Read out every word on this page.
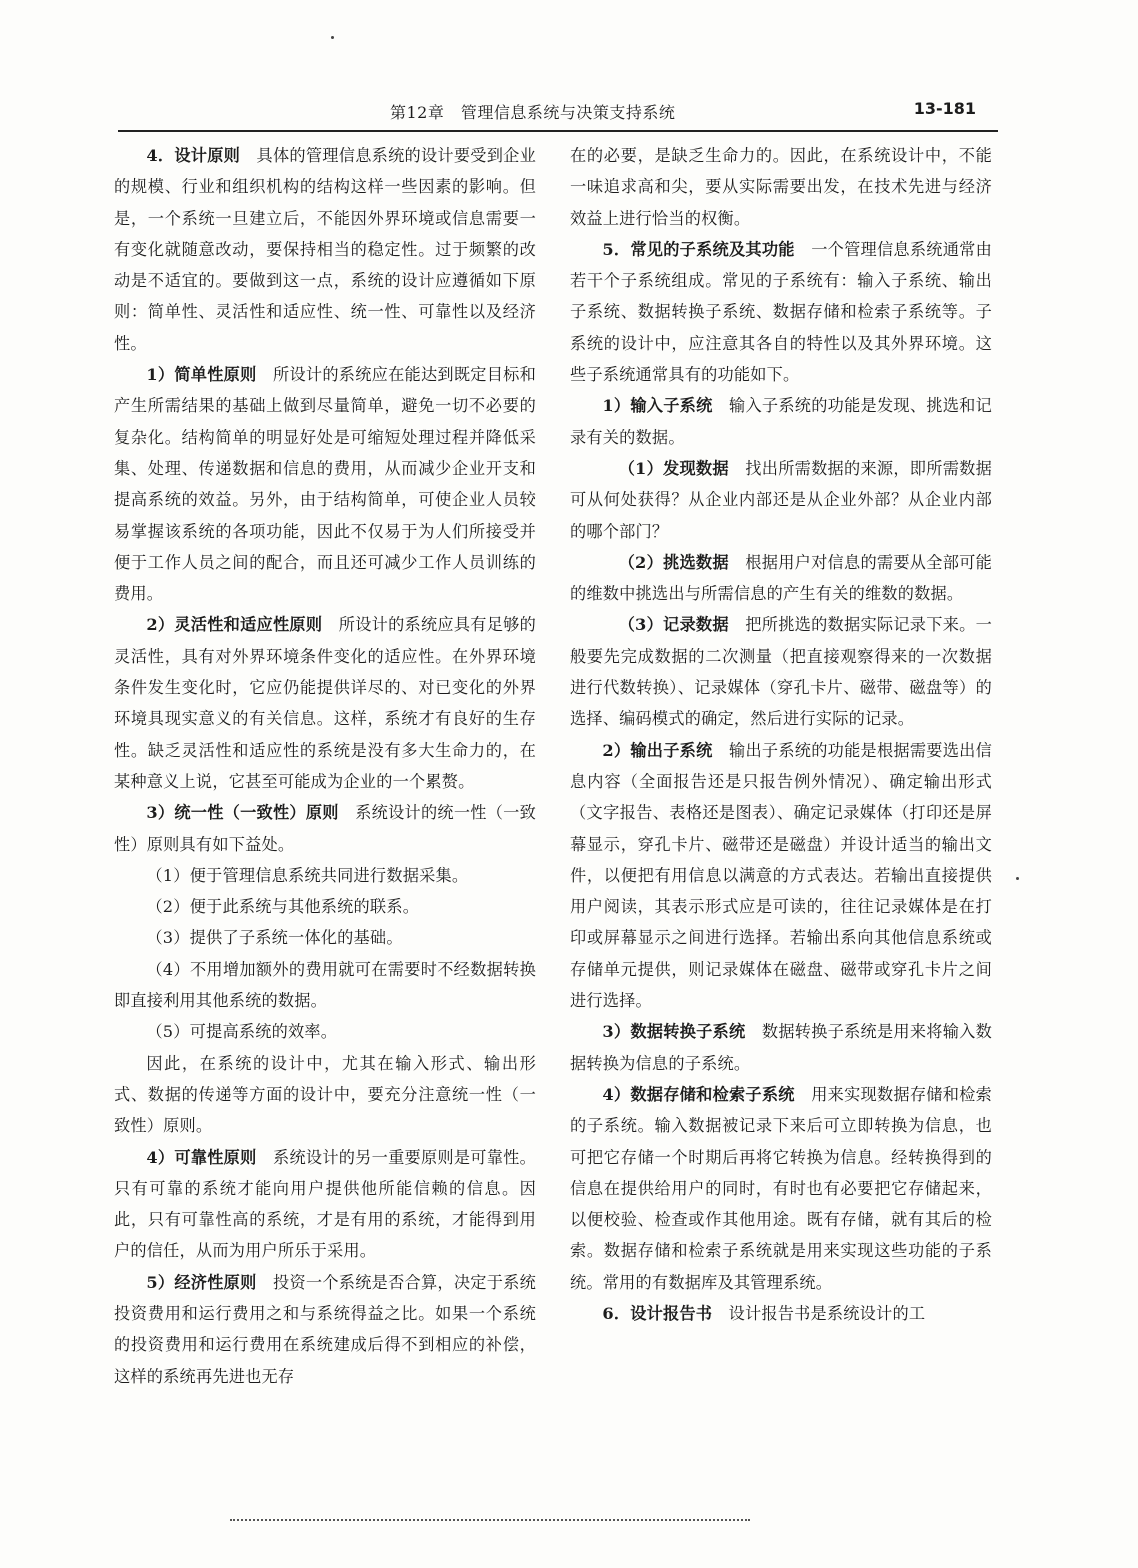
第12章　管理信息系统与决策支持系统	13-181

4．设计原则　具体的管理信息系统的设计要受到企业的规模、行业和组织机构的结构这样一些因素的影响。但是，一个系统一旦建立后，不能因外界环境或信息需要一有变化就随意改动，要保持相当的稳定性。过于频繁的改动是不适宜的。要做到这一点，系统的设计应遵循如下原则：简单性、灵活性和适应性、统一性、可靠性以及经济性。

1）简单性原则　所设计的系统应在能达到既定目标和产生所需结果的基础上做到尽量简单，避免一切不必要的复杂化。结构简单的明显好处是可缩短处理过程并降低采集、处理、传递数据和信息的费用，从而减少企业开支和提高系统的效益。另外，由于结构简单，可使企业人员较易掌握该系统的各项功能，因此不仅易于为人们所接受并便于工作人员之间的配合，而且还可减少工作人员训练的费用。

2）灵活性和适应性原则　所设计的系统应具有足够的灵活性，具有对外界环境条件变化的适应性。在外界环境条件发生变化时，它应仍能提供详尽的、对已变化的外界环境具现实意义的有关信息。这样，系统才有良好的生存性。缺乏灵活性和适应性的系统是没有多大生命力的，在某种意义上说，它甚至可能成为企业的一个累赘。

3）统一性（一致性）原则　系统设计的统一性（一致性）原则具有如下益处。

（1）便于管理信息系统共同进行数据采集。

（2）便于此系统与其他系统的联系。

（3）提供了子系统一体化的基础。

（4）不用增加额外的费用就可在需要时不经数据转换即直接利用其他系统的数据。

（5）可提高系统的效率。

因此，在系统的设计中，尤其在输入形式、输出形式、数据的传递等方面的设计中，要充分注意统一性（一致性）原则。

4）可靠性原则　系统设计的另一重要原则是可靠性。只有可靠的系统才能向用户提供他所能信赖的信息。因此，只有可靠性高的系统，才是有用的系统，才能得到用户的信任，从而为用户所乐于采用。

5）经济性原则　投资一个系统是否合算，决定于系统投资费用和运行费用之和与系统得益之比。如果一个系统的投资费用和运行费用在系统建成后得不到相应的补偿，这样的系统再先进也无存

在的必要，是缺乏生命力的。因此，在系统设计中，不能一味追求高和尖，要从实际需要出发，在技术先进与经济效益上进行恰当的权衡。

5．常见的子系统及其功能　一个管理信息系统通常由若干个子系统组成。常见的子系统有：输入子系统、输出子系统、数据转换子系统、数据存储和检索子系统等。子系统的设计中，应注意其各自的特性以及其外界环境。这些子系统通常具有的功能如下。

1）输入子系统　输入子系统的功能是发现、挑选和记录有关的数据。

（1）发现数据　找出所需数据的来源，即所需数据可从何处获得？从企业内部还是从企业外部？从企业内部的哪个部门？

（2）挑选数据　根据用户对信息的需要从全部可能的维数中挑选出与所需信息的产生有关的维数的数据。

（3）记录数据　把所挑选的数据实际记录下来。一般要先完成数据的二次测量（把直接观察得来的一次数据进行代数转换）、记录媒体（穿孔卡片、磁带、磁盘等）的选择、编码模式的确定，然后进行实际的记录。

2）输出子系统　输出子系统的功能是根据需要选出信息内容（全面报告还是只报告例外情况）、确定输出形式（文字报告、表格还是图表）、确定记录媒体（打印还是屏幕显示，穿孔卡片、磁带还是磁盘）并设计适当的输出文件，以便把有用信息以满意的方式表达。若输出直接提供用户阅读，其表示形式应是可读的，往往记录媒体是在打印或屏幕显示之间进行选择。若输出系向其他信息系统或存储单元提供，则记录媒体在磁盘、磁带或穿孔卡片之间进行选择。

3）数据转换子系统　数据转换子系统是用来将输入数据转换为信息的子系统。

4）数据存储和检索子系统　用来实现数据存储和检索的子系统。输入数据被记录下来后可立即转换为信息，也可把它存储一个时期后再将它转换为信息。经转换得到的信息在提供给用户的同时，有时也有必要把它存储起来，以便校验、检查或作其他用途。既有存储，就有其后的检索。数据存储和检索子系统就是用来实现这些功能的子系统。常用的有数据库及其管理系统。

6．设计报告书　设计报告书是系统设计的工
